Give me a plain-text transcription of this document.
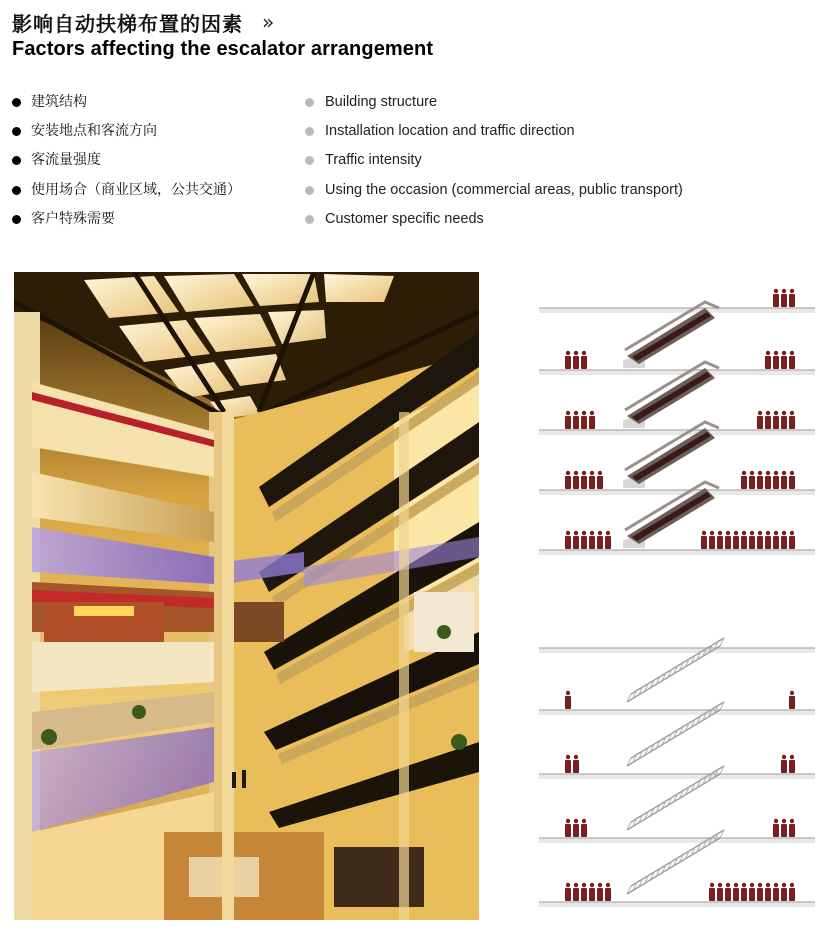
影响自动扶梯布置的因素 »
Factors affecting the escalator arrangement
建筑结构
安装地点和客流方向
客流量强度
使用场合（商业区域，公共交通）
客户特殊需要
Building structure
Installation location and traffic direction
Traffic intensity
Using the occasion (commercial areas, public transport)
Customer specific needs
